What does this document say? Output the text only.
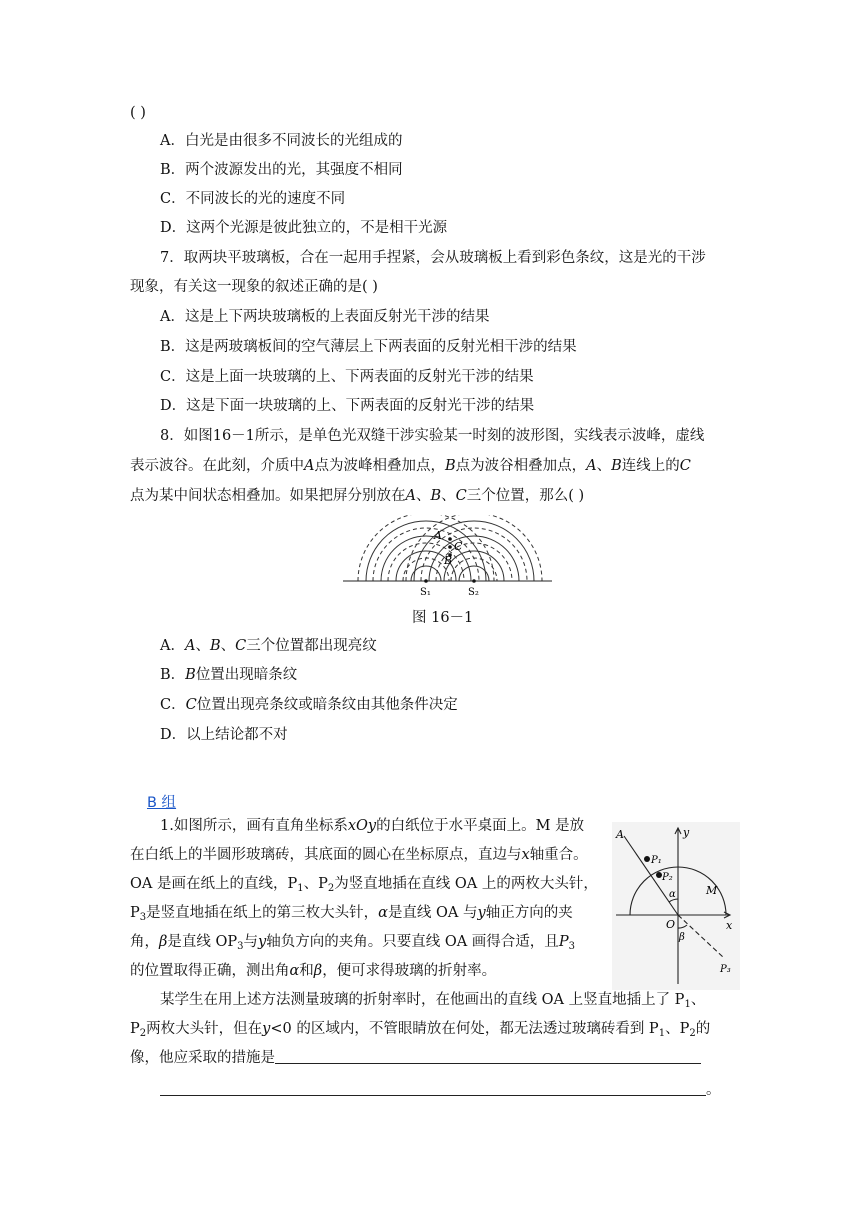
( )
A．白光是由很多不同波长的光组成的
B．两个波源发出的光，其强度不相同
C．不同波长的光的速度不同
D．这两个光源是彼此独立的，不是相干光源
7．取两块平玻璃板，合在一起用手捏紧，会从玻璃板上看到彩色条纹，这是光的干涉
现象，有关这一现象的叙述正确的是( )
A．这是上下两块玻璃板的上表面反射光干涉的结果
B．这是两玻璃板间的空气薄层上下两表面的反射光相干涉的结果
C．这是上面一块玻璃的上、下两表面的反射光干涉的结果
D．这是下面一块玻璃的上、下两表面的反射光干涉的结果
8．如图16－1所示，是单色光双缝干涉实验某一时刻的波形图，实线表示波峰，虚线
表示波谷。在此刻，介质中A点为波峰相叠加点，B点为波谷相叠加点，A、B连线上的C
点为某中间状态相叠加。如果把屏分别放在A、B、C三个位置，那么( )
A
C
B
S₁	S₂
图 16－1
A．A、B、C三个位置都出现亮纹
B．B位置出现暗条纹
C．C位置出现亮条纹或暗条纹由其他条件决定
D．以上结论都不对
B 组
1.如图所示，画有直角坐标系xOy的白纸位于水平桌面上。M 是放
在白纸上的半圆形玻璃砖，其底面的圆心在坐标原点，直边与x轴重合。
OA 是画在纸上的直线，$P_1$、$P_2$为竖直地插在直线 OA 上的两枚大头针，
$P_3$是竖直地插在纸上的第三枚大头针，α是直线 OA 与y轴正方向的夹
角，β是直线 $OP_3$与y轴负方向的夹角。只要直线 OA 画得合适，且$P_3$
的位置取得正确，测出角α和β，便可求得玻璃的折射率。
A	y
P₁
P₂
α	M
O	x
β
P₃
某学生在用上述方法测量玻璃的折射率时，在他画出的直线 OA 上竖直地插上了 $P_1$、
$P_2$两枚大头针，但在y<0 的区域内，不管眼睛放在何处，都无法透过玻璃砖看到 $P_1$、$P_2$的
像，他应采取的措施是
。
